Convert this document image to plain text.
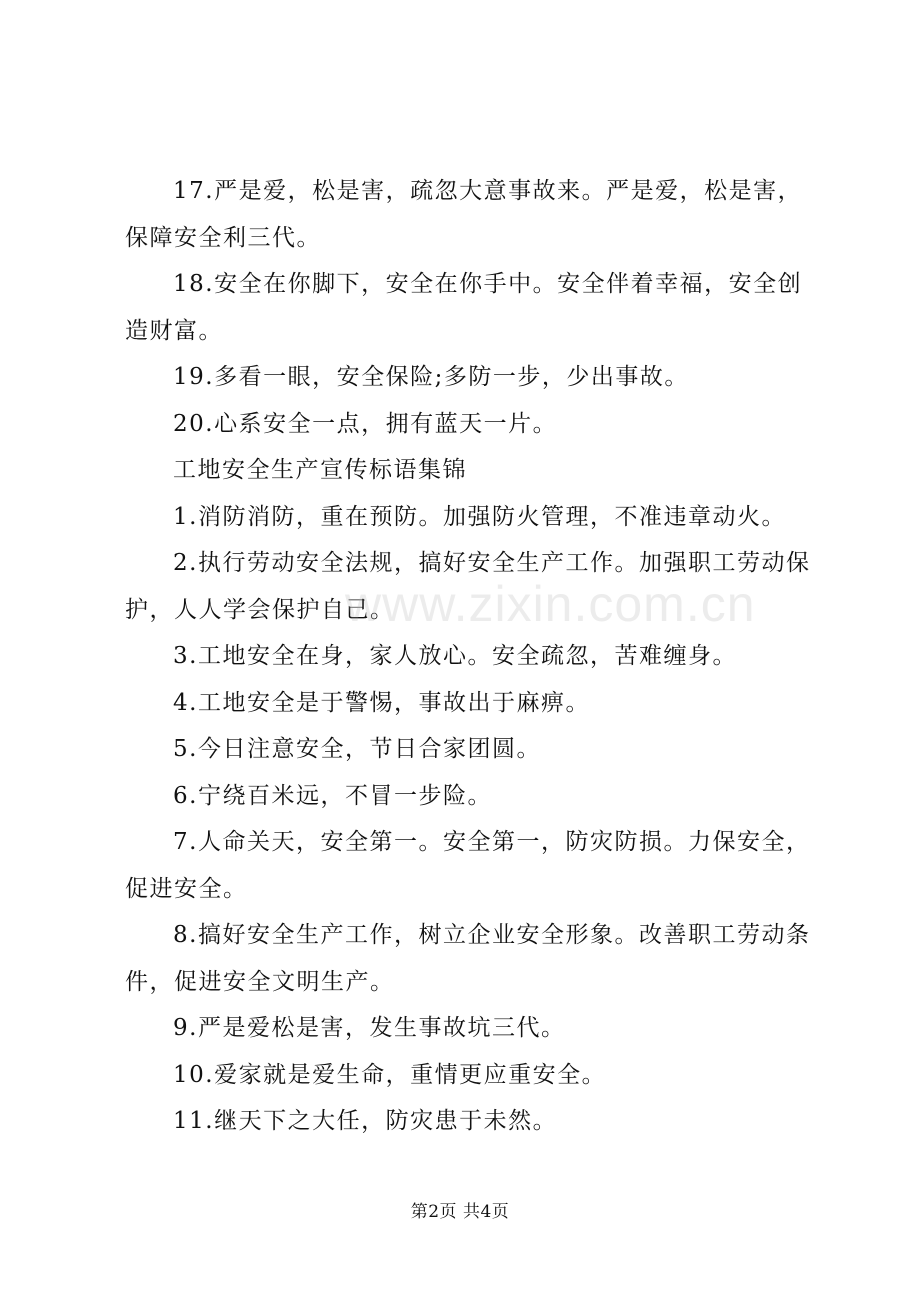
17.严是爱，松是害，疏忽大意事故来。严是爱，松是害，保障安全利三代。

18.安全在你脚下，安全在你手中。安全伴着幸福，安全创造财富。

19.多看一眼，安全保险;多防一步，少出事故。

20.心系安全一点，拥有蓝天一片。

工地安全生产宣传标语集锦

1.消防消防，重在预防。加强防火管理，不准违章动火。

2.执行劳动安全法规，搞好安全生产工作。加强职工劳动保护，人人学会保护自己。

3.工地安全在身，家人放心。安全疏忽，苦难缠身。

4.工地安全是于警惕，事故出于麻痹。

5.今日注意安全，节日合家团圆。

6.宁绕百米远，不冒一步险。

7.人命关天，安全第一。安全第一，防灾防损。力保安全，促进安全。

8.搞好安全生产工作，树立企业安全形象。改善职工劳动条件，促进安全文明生产。

9.严是爱松是害，发生事故坑三代。

10.爱家就是爱生命，重情更应重安全。

11.继天下之大任，防灾患于未然。

www.zixin.com.cn
第2页 共4页
